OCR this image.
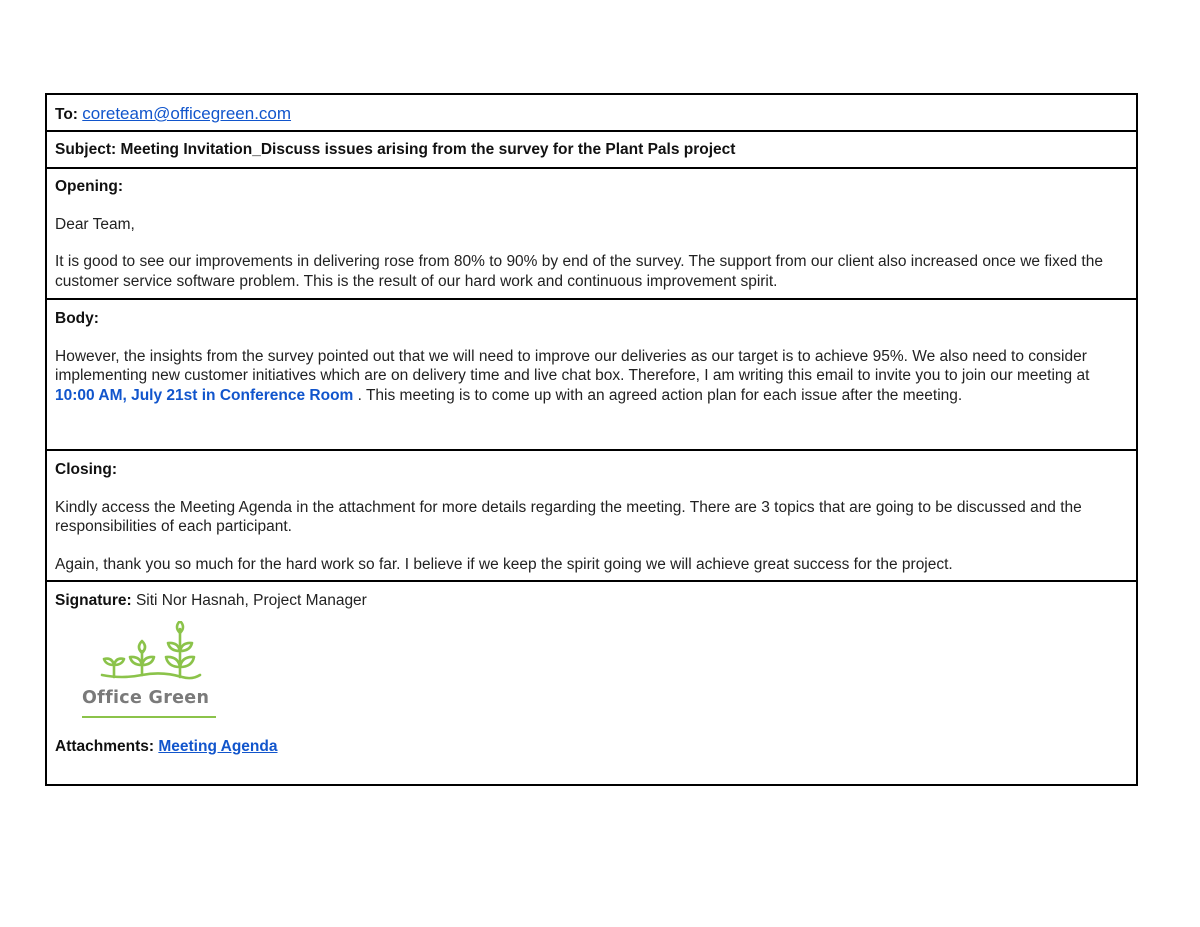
To: coreteam@officegreen.com
Subject: Meeting Invitation_Discuss issues arising from the survey for the Plant Pals project

Opening:

Dear Team,

It is good to see our improvements in delivering rose from 80% to 90% by end of the survey. The support from our client also increased once we fixed the customer service software problem. This is the result of our hard work and continuous improvement spirit.

Body:

However, the insights from the survey pointed out that we will need to improve our deliveries as our target is to achieve 95%. We also need to consider implementing new customer initiatives which are on delivery time and live chat box. Therefore, I am writing this email to invite you to join our meeting at 10:00 AM, July 21st in Conference Room . This meeting is to come up with an agreed action plan for each issue after the meeting.

Closing:

Kindly access the Meeting Agenda in the attachment for more details regarding the meeting. There are 3 topics that are going to be discussed and the responsibilities of each participant.

Again, thank you so much for the hard work so far. I believe if we keep the spirit going we will achieve great success for the project.

Signature: Siti Nor Hasnah, Project Manager

Office Green

Attachments: Meeting Agenda
